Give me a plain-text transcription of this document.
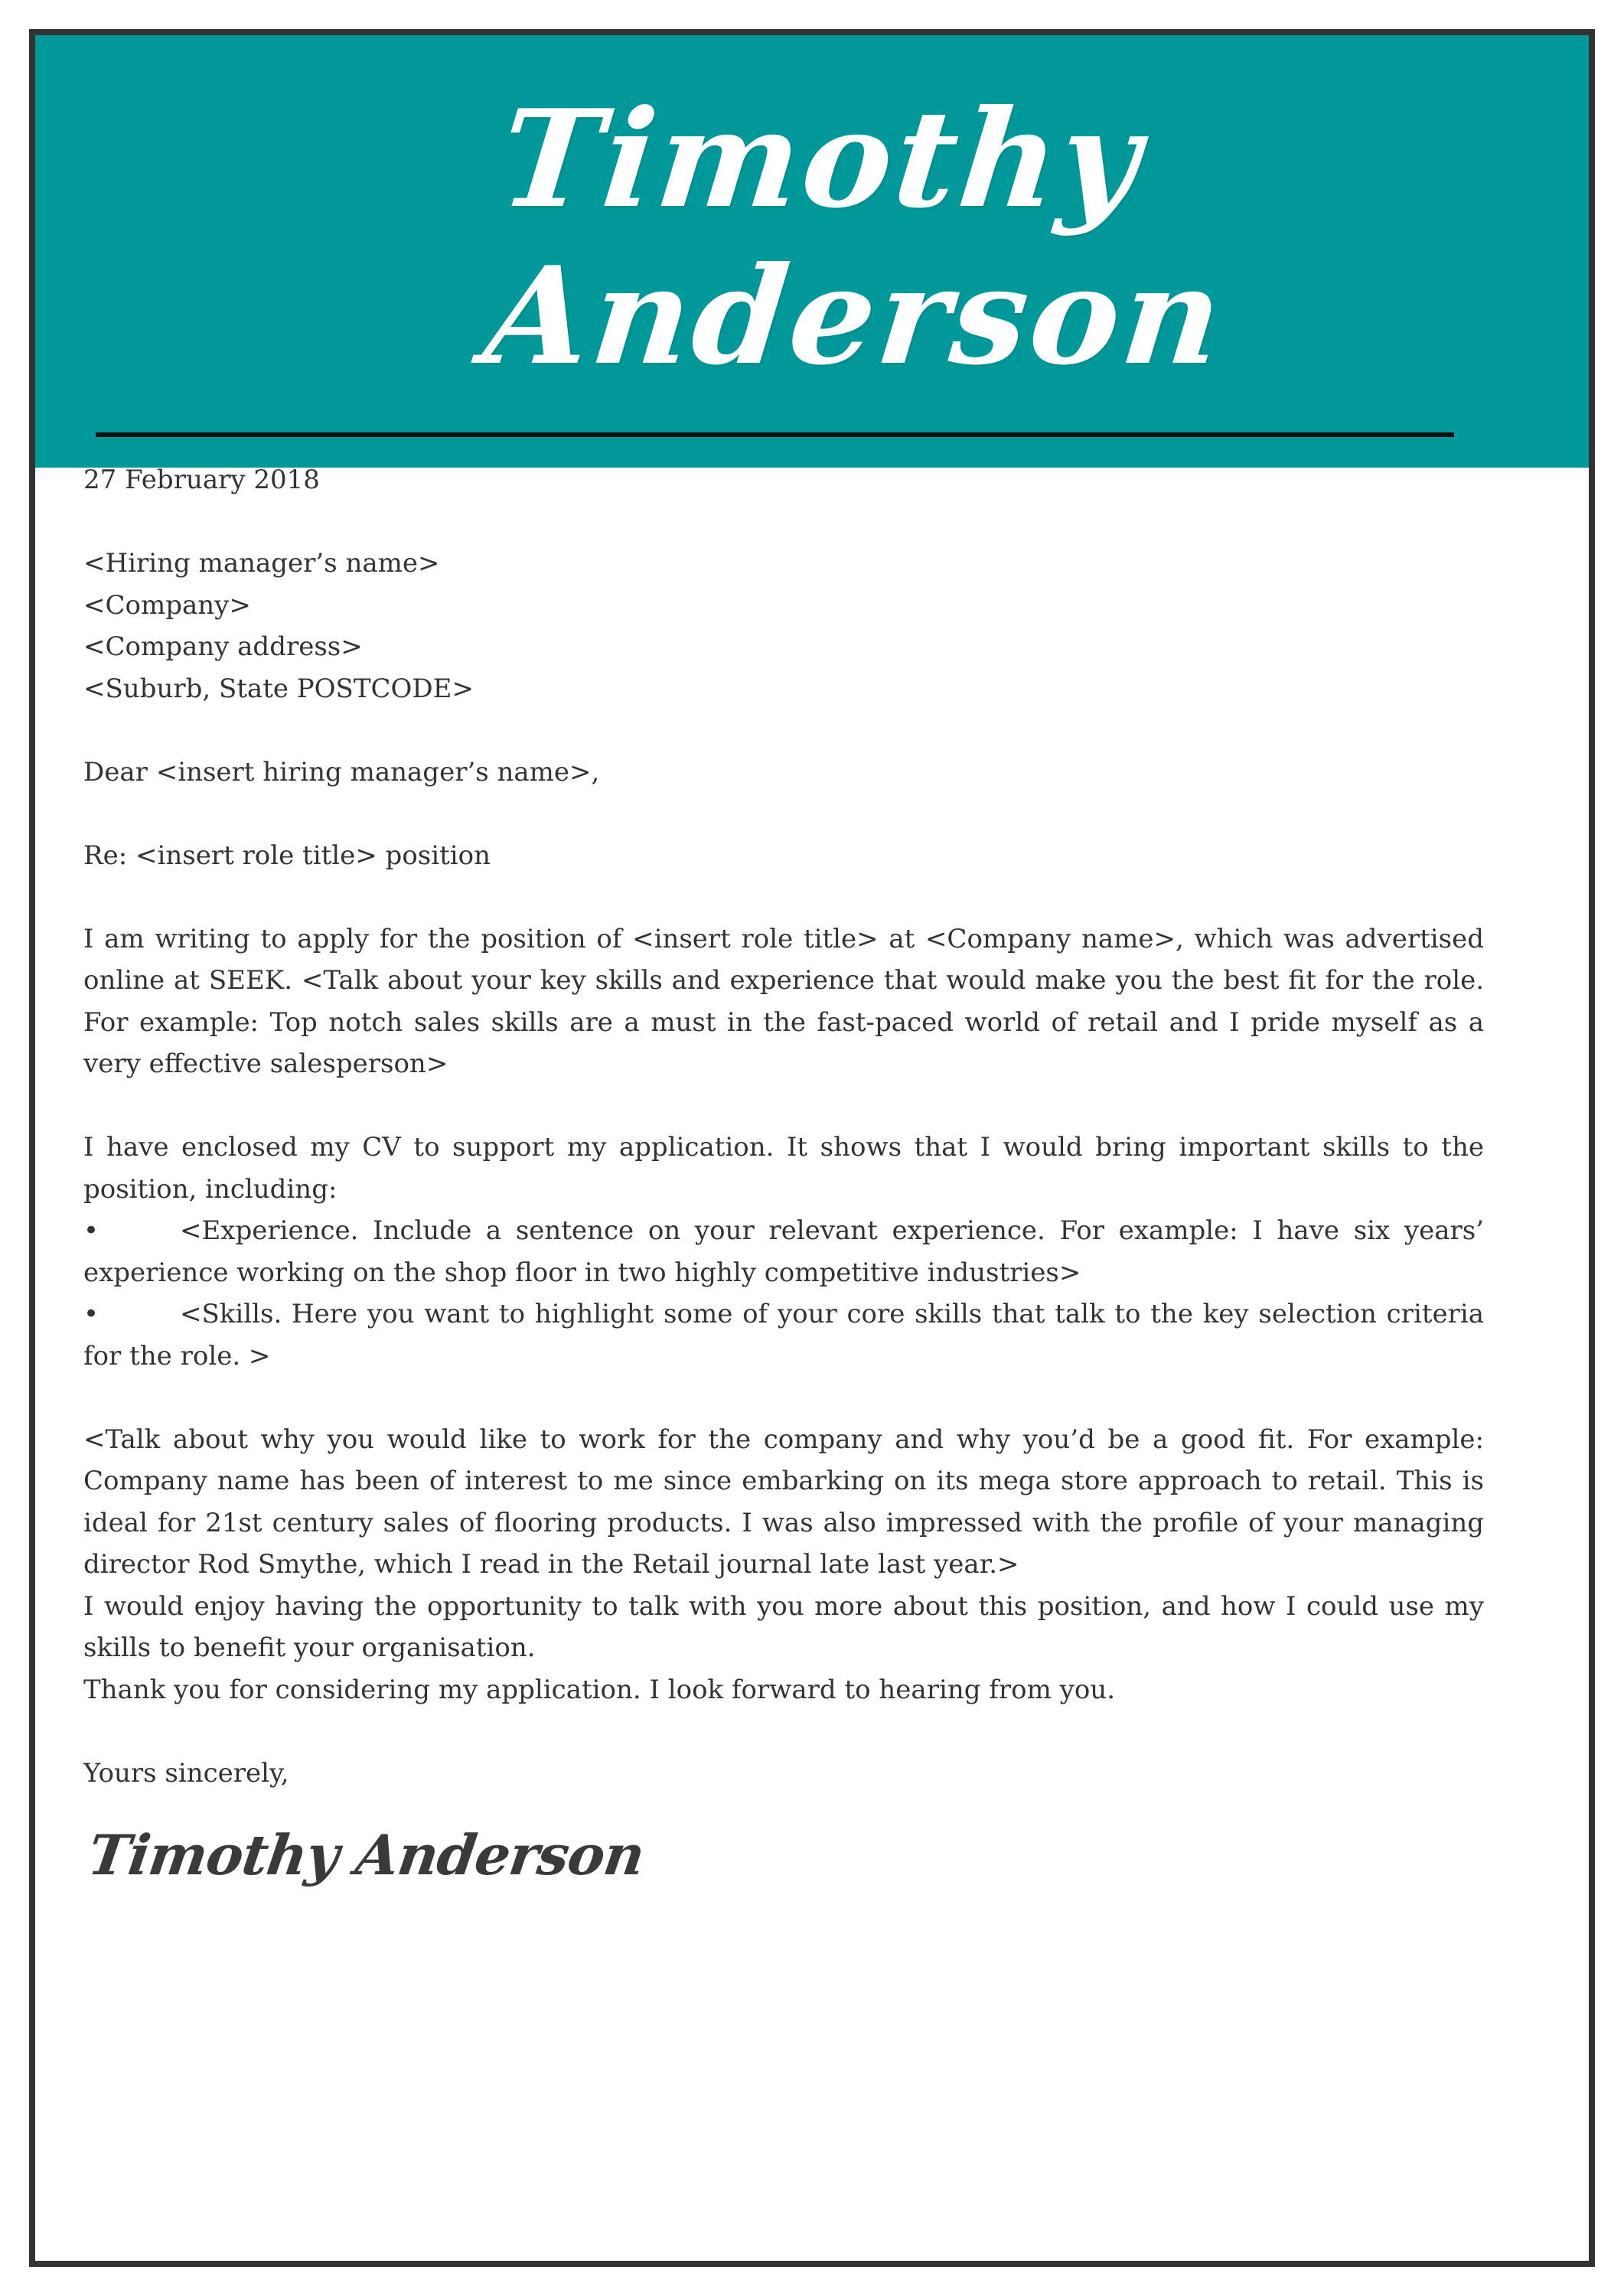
Timothy
Anderson

27 February 2018

<Hiring manager’s name>

<Company>

<Company address>

<Suburb, State POSTCODE>

Dear <insert hiring manager’s name>,

Re: <insert role title> position

I am writing to apply for the position of <insert role title> at <Company name>, which was advertised online at SEEK. <Talk about your key skills and experience that would make you the best fit for the role. For example: Top notch sales skills are a must in the fast-paced world of retail and I pride myself as a very effective salesperson>

I have enclosed my CV to support my application. It shows that I would bring important skills to the position, including:

•	<Experience. Include a sentence on your relevant experience. For example: I have six years’ experience working on the shop floor in two highly competitive industries>

•	<Skills. Here you want to highlight some of your core skills that talk to the key selection criteria for the role. >

<Talk about why you would like to work for the company and why you’d be a good fit. For example: Company name has been of interest to me since embarking on its mega store approach to retail. This is ideal for 21st century sales of flooring products. I was also impressed with the profile of your managing director Rod Smythe, which I read in the Retail journal late last year.>

I would enjoy having the opportunity to talk with you more about this position, and how I could use my skills to benefit your organisation.

Thank you for considering my application. I look forward to hearing from you.

Yours sincerely,

Timothy Anderson
